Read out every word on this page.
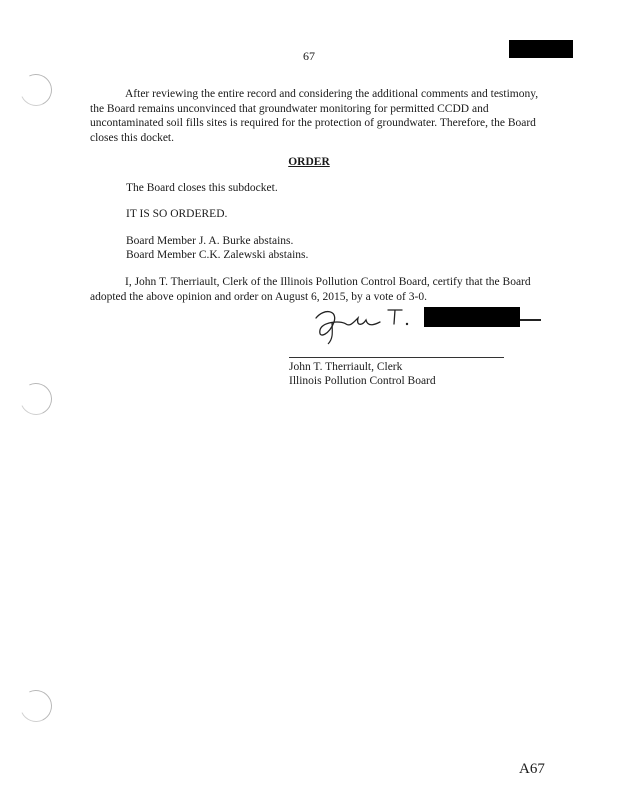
67
After reviewing the entire record and considering the additional comments and testimony, the Board remains unconvinced that groundwater monitoring for permitted CCDD and uncontaminated soil fills sites is required for the protection of groundwater. Therefore, the Board closes this docket.
ORDER
The Board closes this subdocket.
IT IS SO ORDERED.
Board Member J. A. Burke abstains.
Board Member C.K. Zalewski abstains.
I, John T. Therriault, Clerk of the Illinois Pollution Control Board, certify that the Board adopted the above opinion and order on August 6, 2015, by a vote of 3-0.
John T. Therriault, Clerk
Illinois Pollution Control Board
A67
